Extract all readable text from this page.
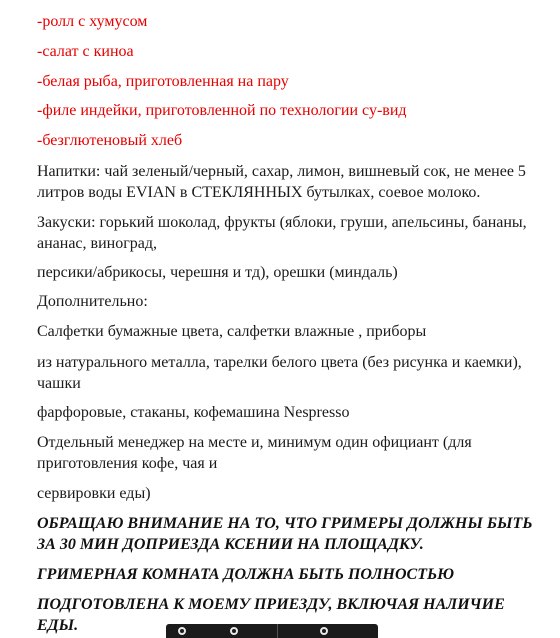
-ролл с хумусом
-салат с киноа
-белая рыба, приготовленная на пару
-филе индейки, приготовленной по технологии су-вид
-безглютеновый хлеб
Напитки: чай зеленый/черный, сахар, лимон, вишневый сок, не менее 5 литров воды EVIAN в СТЕКЛЯННЫХ бутылках, соевое молоко.
Закуски: горький шоколад, фрукты (яблоки, груши, апельсины, бананы, ананас, виноград,
персики/абрикосы, черешня и тд), орешки (миндаль)
Дополнительно:
Салфетки бумажные цвета, салфетки влажные , приборы
из натурального металла, тарелки белого цвета (без рисунка и каемки), чашки
фарфоровые, стаканы, кофемашина Nespresso
Отдельный менеджер на месте и, минимум один официант (для приготовления кофе, чая и
сервировки еды)
ОБРАЩАЮ ВНИМАНИЕ НА ТО, ЧТО ГРИМЕРЫ ДОЛЖНЫ БЫТЬ ЗА 30 МИН ДОПРИЕЗДА КСЕНИИ НА ПЛОЩАДКУ.
ГРИМЕРНАЯ КОМНАТА ДОЛЖНА БЫТЬ ПОЛНОСТЬЮ
ПОДГОТОВЛЕНА К МОЕМУ ПРИЕЗДУ, ВКЛЮЧАЯ НАЛИЧИЕ ЕДЫ.
